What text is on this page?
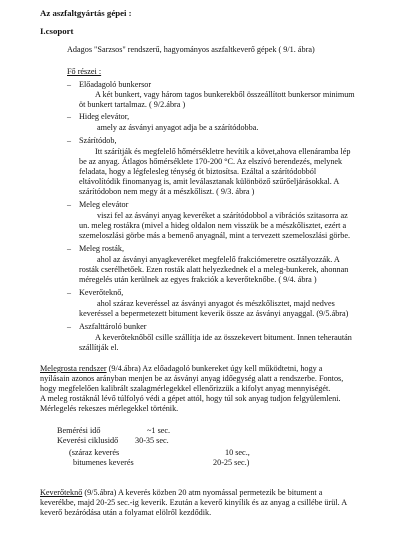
Az aszfaltgyártás gépei :
I.csoport
Adagos "Sarzsos" rendszerű, hagyományos aszfaltkeverő gépek ( 9/1. ábra)
Fő részei :
– Előadagoló bunkersor
A két bunkert, vagy három tagos bunkerekből összeállított bunkersor minimum
öt bunkert tartalmaz. ( 9/2.ábra )
– Hideg elevátor,
amely az ásványi anyagot adja be a szárítódobba.
– Szárítódob,
Itt szárítják és megfelelő hőmérsékletre hevítik a követ,ahova ellenáramba lép
be az anyag. Átlagos hőmérséklete 170-200 °C. Az elszívó berendezés, melynek
feladata, hogy a légfelesleg ténység ót biztosítsa. Ezáltal a szárítódobból
eltávolítódik finomanyag is, amit leválasztanak különböző szűrőeljárásokkal. A
szárítódobon nem megy át a mészkőliszt. ( 9/3. ábra )
– Meleg elevátor
viszi fel az ásványi anyag keveréket a szárítódobbol a vibrációs szitasorra az
un. meleg rostákra (mivel a hideg oldalon nem visszük be a mészkőlisztet, ezért a
szemeloszlási görbe más a bemenő anyagnál, mint a tervezett szemeloszlási görbe.
– Meleg rosták,
ahol az ásványi anyagkeveréket megfelelő frakciómeretre osztályozzák. A
rosták cserélhetőek. Ezen rosták alatt helyezkednek el a meleg-bunkerek, ahonnan
méregelés után kerülnek az egyes frakciók a keverőteknőbe. ( 9/4. ábra )
– Keverőteknő,
ahol száraz keveréssel az ásványi anyagot és mészkőlisztet, majd nedves
keveréssel a bepermetezett bitument keverik össze az ásványi anyaggal. (9/5.ábra)
– Aszfalttároló bunker
A keverőteknőből csille szállítja ide az összekevert bitument. Innen teheraután
szállítják el.
Melegrosta rendszer (9/4.ábra) Az előadagoló bunkereket úgy kell működtetni, hogy a
nyílásain azonos arányban menjen be az ásványi anyag időegység alatt a rendszerbe. Fontos,
hogy megfelelően kalibrált szalagmérlegekkel ellenőrizzük a kifolyt anyag mennyiségét.
A meleg rostáknál lévő túlfolyó védi a gépet attól, hogy túl sok anyag tudjon felgyülemleni.
Mérlegelés rekeszes mérlegekkel történik.
Bemérési idő	~1 sec.
Keverési ciklusidő 30-35 sec.
(száraz keverés	10 sec.,
bitumenes keverés	20-25 sec.)
Keverőteknő (9/5.ábra) A keverés közben 20 atm nyomással permetezik be bitument a
keverékbe, majd 20-25 sec.-ig keverik. Ezután a keverő kinyílik és az anyag a csillébe ürül. A
keverő bezáródása után a folyamat elölről kezdődik.
